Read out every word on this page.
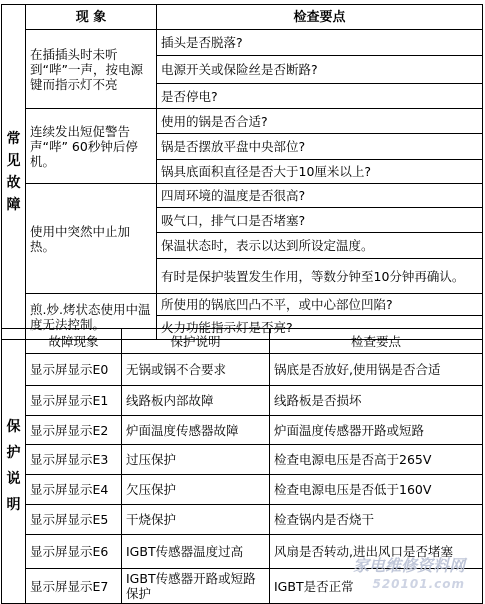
常见故障	现 象	检查要点
	在插插头时未听到“哔”一声，按电源键而指示灯不亮	插头是否脱落?
		电源开关或保险丝是否断路?
		是否停电?
	连续发出短促警告声“哔” 60秒钟后停机。	使用的锅是否合适?
		锅是否摆放平盘中央部位?
		锅具底面积直径是否大于10厘米以上?
	使用中突然中止加热。	四周环境的温度是否很高?
		吸气口，排气口是否堵塞?
		保温状态时，表示以达到所设定温度。
		有时是保护装置发生作用，等数分钟至10分钟再确认。
	煎.炒.烤状态使用中温度无法控制。	所使用的锅底凹凸不平，或中心部位凹陷?
		火力功能指示灯是否亮?
保护说明	故障现象	保护说明	检查要点
	显示屏显示E0	无锅或锅不合要求	锅底是否放好,使用锅是否合适
	显示屏显示E1	线路板内部故障	线路板是否损坏
	显示屏显示E2	炉面温度传感器故障	炉面温度传感器开路或短路
	显示屏显示E3	过压保护	检查电源电压是否高于265V
	显示屏显示E4	欠压保护	检查电源电压是否低于160V
	显示屏显示E5	干烧保护	检查锅内是否烧干
	显示屏显示E6	IGBT传感器温度过高	风扇是否转动,进出风口是否堵塞
	显示屏显示E7	IGBT传感器开路或短路保护	IGBT是否正常
家电维修资料网
520101.com
